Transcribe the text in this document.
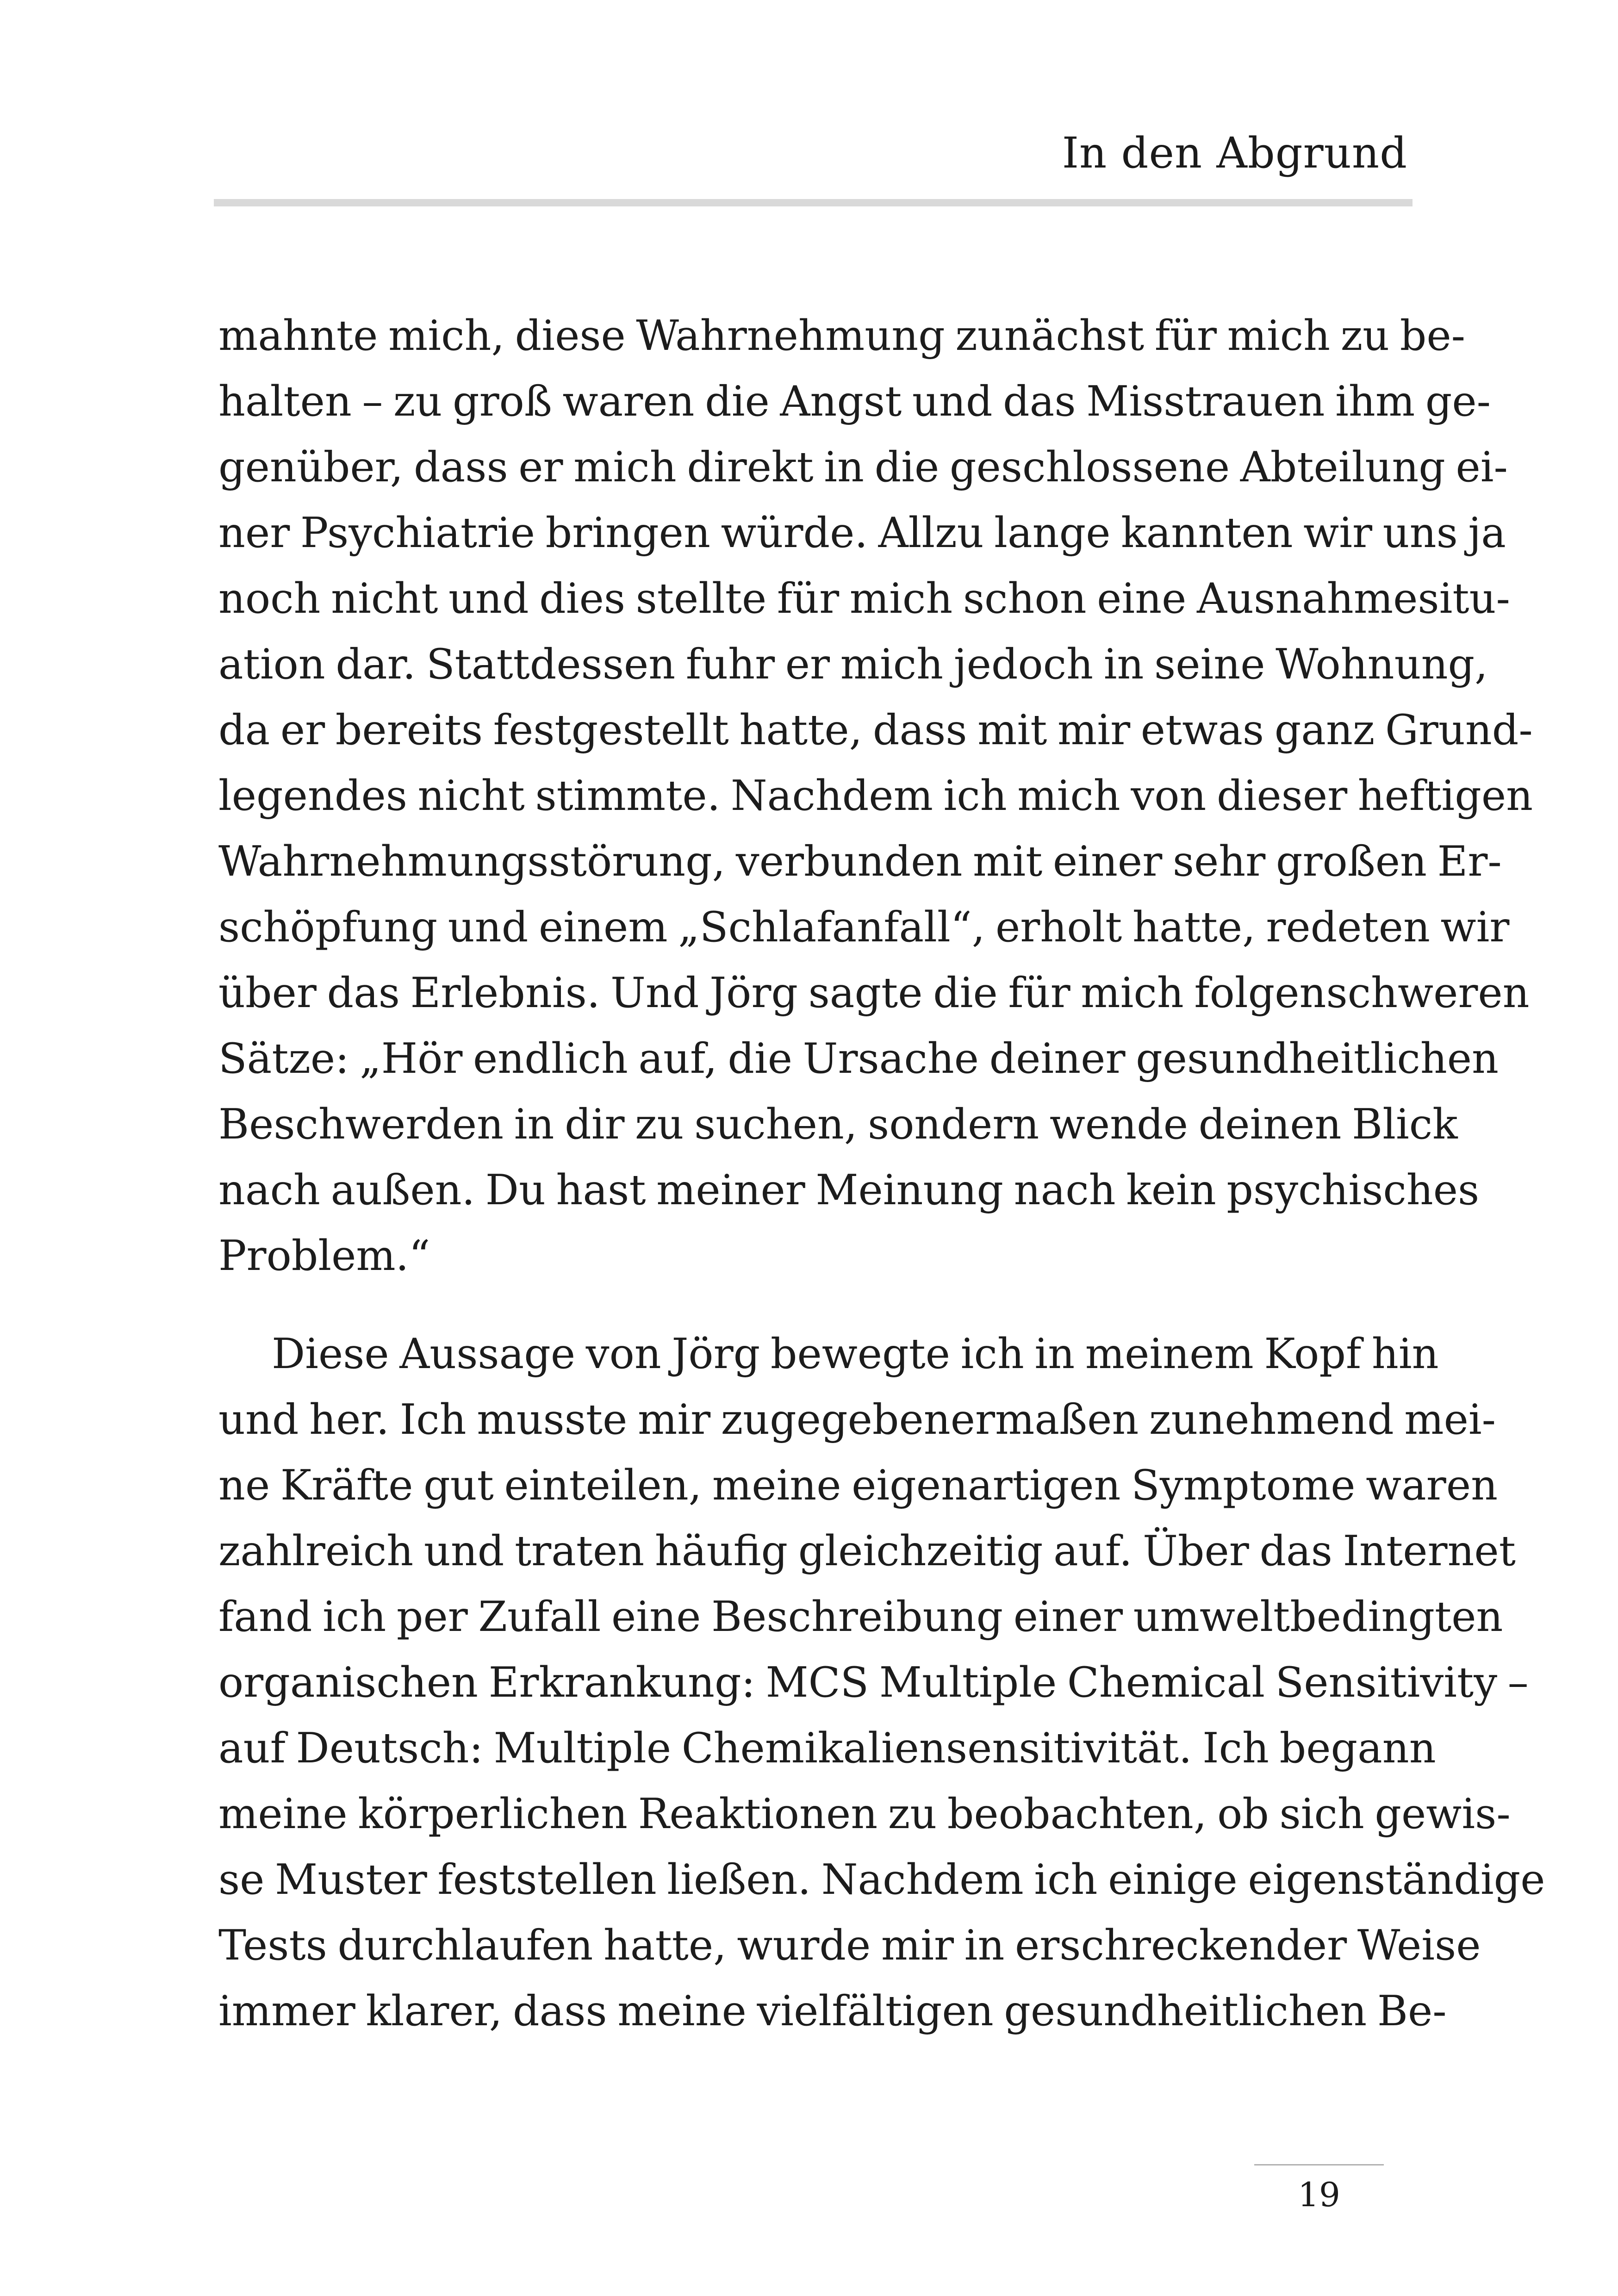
In den Abgrund
mahnte mich, diese Wahrnehmung zunächst für mich zu be-
halten – zu groß waren die Angst und das Misstrauen ihm ge-
genüber, dass er mich direkt in die geschlossene Abteilung ei-
ner Psychiatrie bringen würde. Allzu lange kannten wir uns ja
noch nicht und dies stellte für mich schon eine Ausnahmesitu-
ation dar. Stattdessen fuhr er mich jedoch in seine Wohnung,
da er bereits festgestellt hatte, dass mit mir etwas ganz Grund-
legendes nicht stimmte. Nachdem ich mich von dieser heftigen
Wahrnehmungsstörung, verbunden mit einer sehr großen Er-
schöpfung und einem „Schlafanfall“, erholt hatte, redeten wir
über das Erlebnis. Und Jörg sagte die für mich folgenschweren
Sätze: „Hör endlich auf, die Ursache deiner gesundheitlichen
Beschwerden in dir zu suchen, sondern wende deinen Blick
nach außen. Du hast meiner Meinung nach kein psychisches
Problem.“
Diese Aussage von Jörg bewegte ich in meinem Kopf hin
und her. Ich musste mir zugegebenermaßen zunehmend mei-
ne Kräfte gut einteilen, meine eigenartigen Symptome waren
zahlreich und traten häufig gleichzeitig auf. Über das Internet
fand ich per Zufall eine Beschreibung einer umweltbedingten
organischen Erkrankung: MCS Multiple Chemical Sensitivity –
auf Deutsch: Multiple Chemikaliensensitivität. Ich begann
meine körperlichen Reaktionen zu beobachten, ob sich gewis-
se Muster feststellen ließen. Nachdem ich einige eigenständige
Tests durchlaufen hatte, wurde mir in erschreckender Weise
immer klarer, dass meine vielfältigen gesundheitlichen Be-
19
